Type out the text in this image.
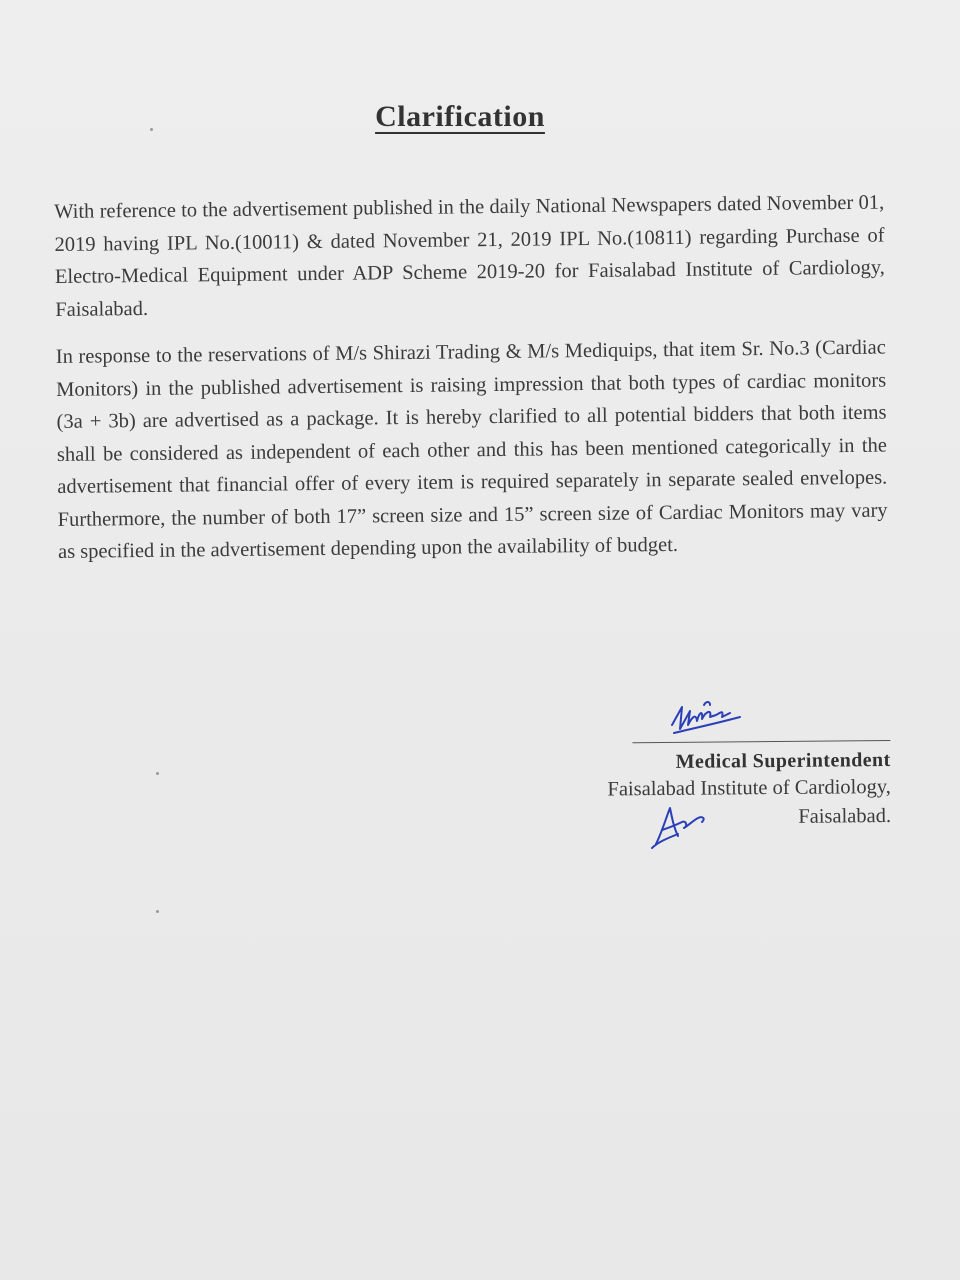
Clarification

With reference to the advertisement published in the daily National Newspapers dated November 01, 2019 having IPL No.(10011) & dated November 21, 2019 IPL No.(10811) regarding Purchase of Electro-Medical Equipment under ADP Scheme 2019-20 for Faisalabad Institute of Cardiology, Faisalabad.

In response to the reservations of M/s Shirazi Trading & M/s Mediquips, that item Sr. No.3 (Cardiac Monitors) in the published advertisement is raising impression that both types of cardiac monitors (3a + 3b) are advertised as a package. It is hereby clarified to all potential bidders that both items shall be considered as independent of each other and this has been mentioned categorically in the advertisement that financial offer of every item is required separately in separate sealed envelopes. Furthermore, the number of both 17” screen size and 15” screen size of Cardiac Monitors may vary as specified in the advertisement depending upon the availability of budget.

Medical Superintendent
Faisalabad Institute of Cardiology,
Faisalabad.
